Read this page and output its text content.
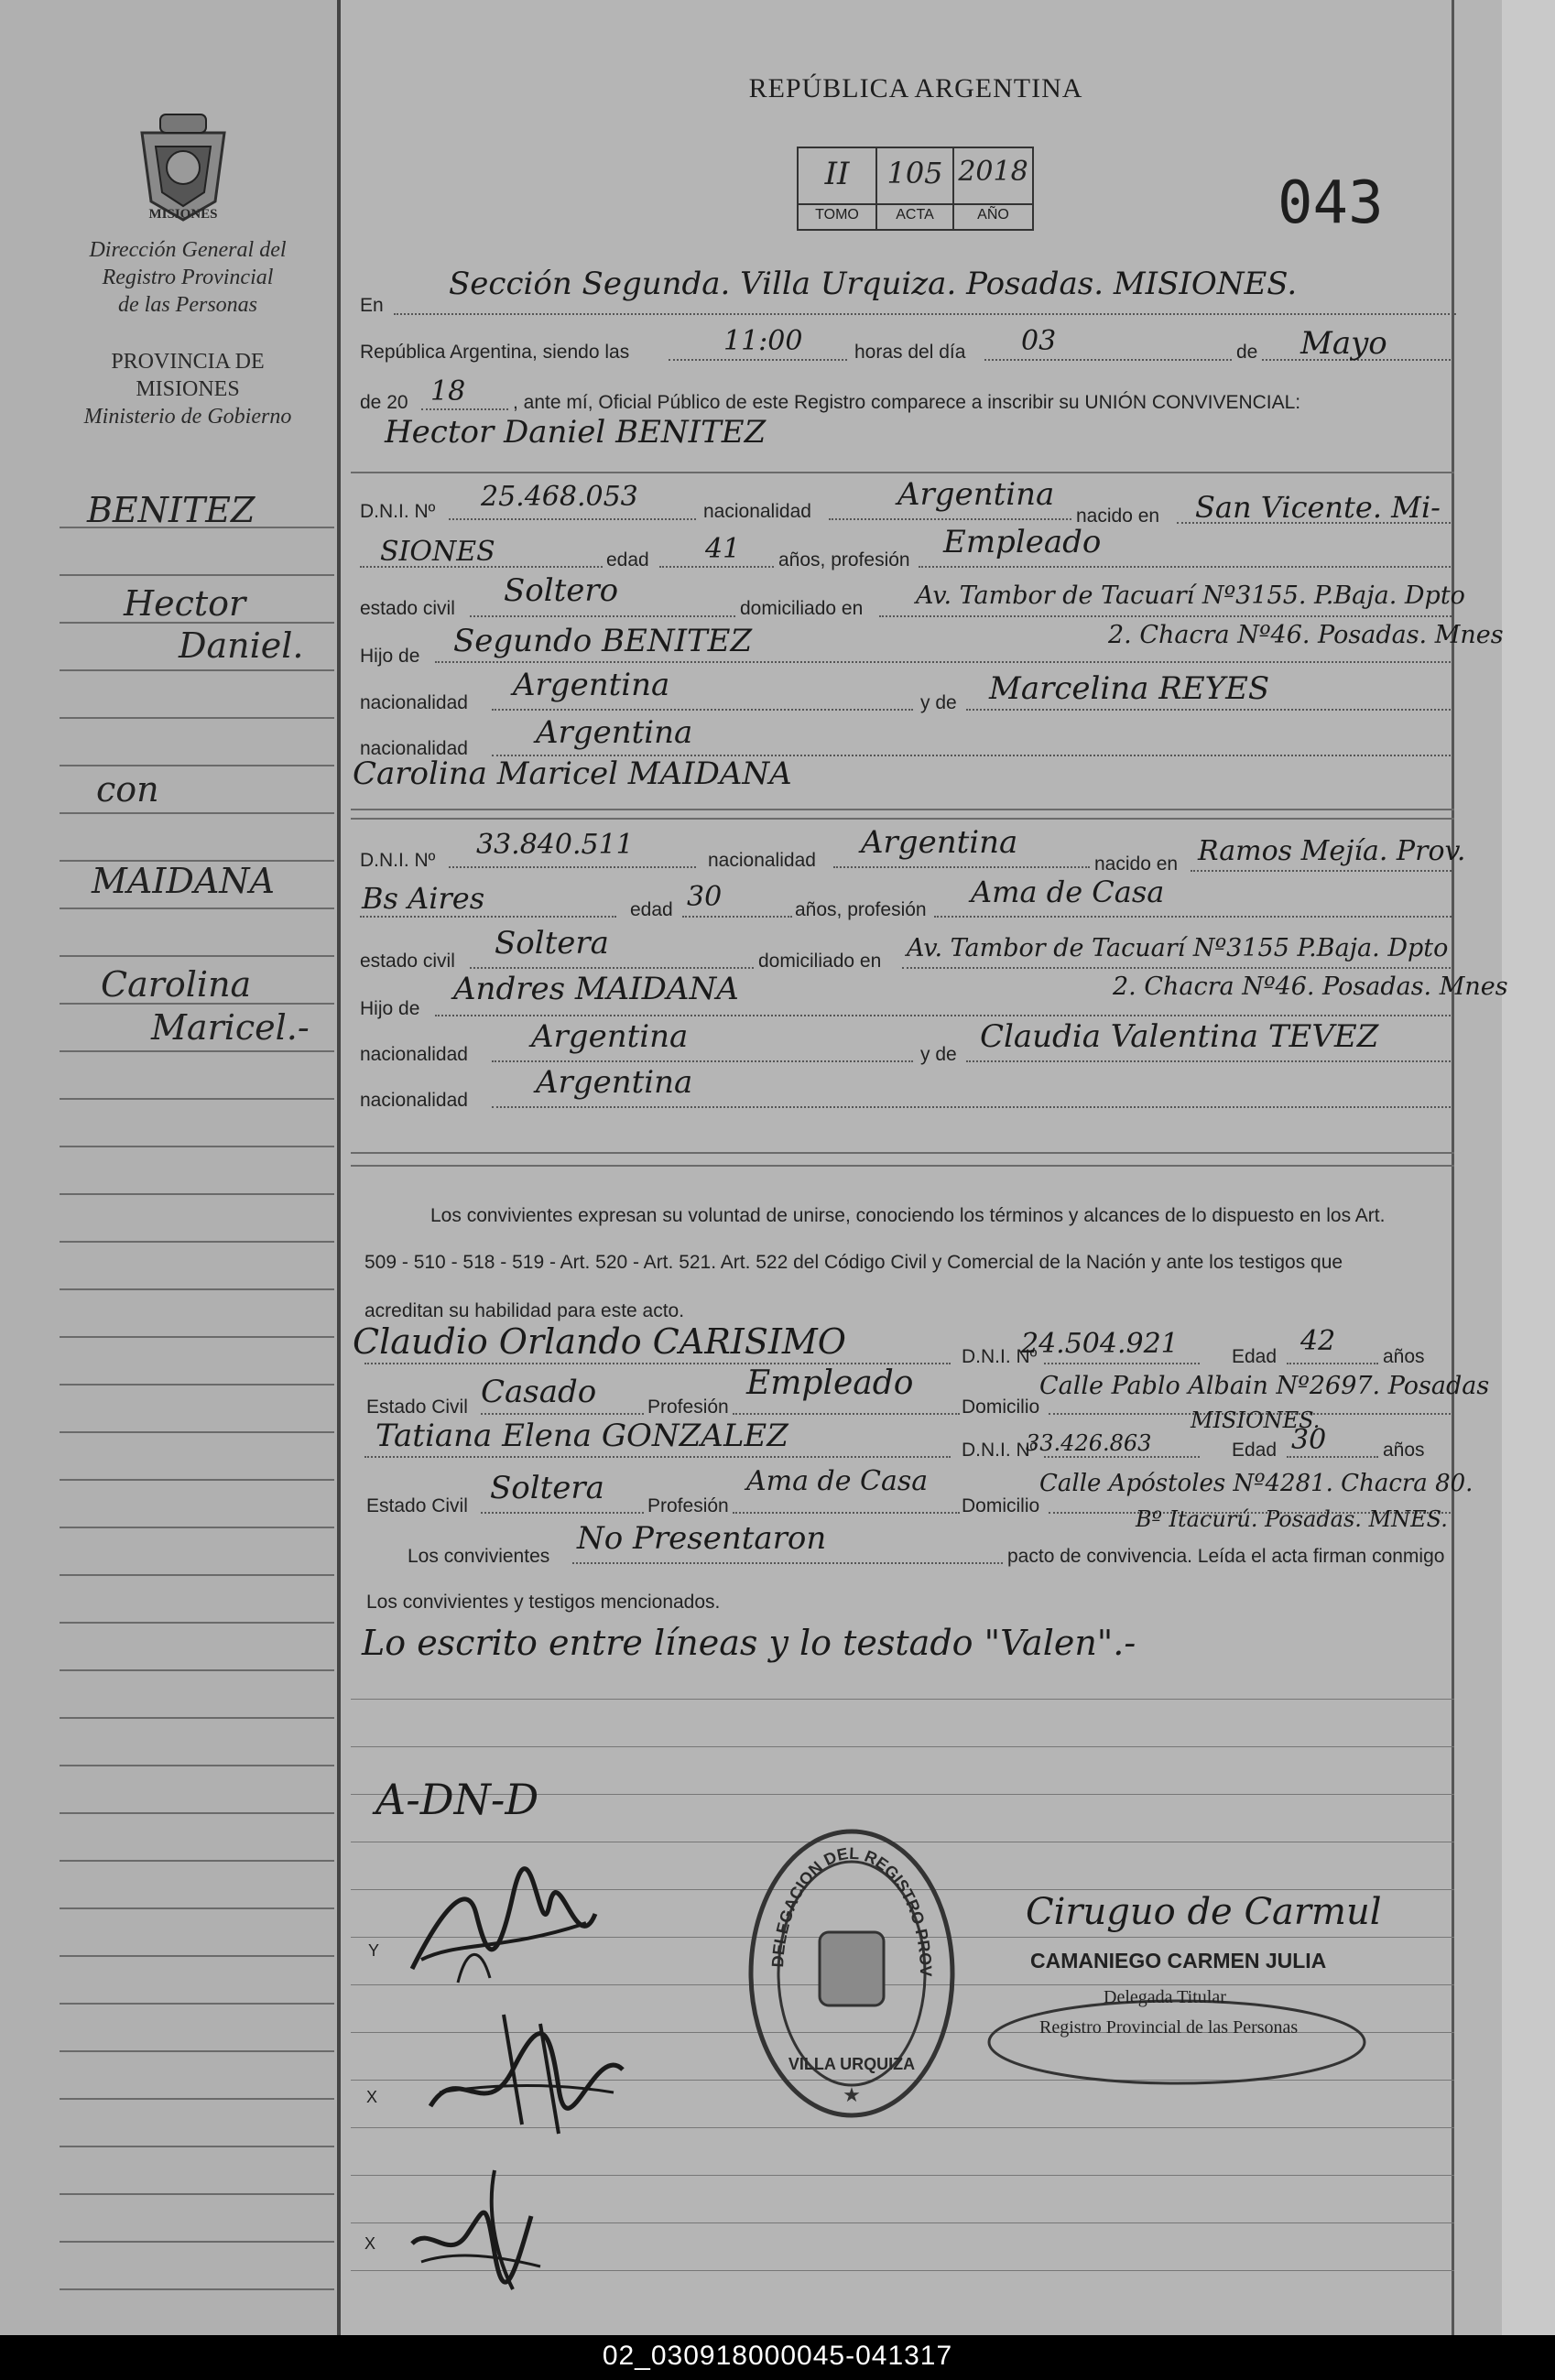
MISIONES
Dirección General del
Registro Provincial
de las Personas
PROVINCIA DE
MISIONES
Ministerio de Gobierno
BENITEZ
Hector
Daniel.
con
MAIDANA
Carolina
Maricel.-
REPÚBLICA ARGENTINA
043
II	105 2018
TOMO	ACTA	AÑO
En
Sección Segunda. Villa Urquiza. Posadas. MISIONES.
República Argentina, siendo las	11:00	horas del día 03	de Mayo
de 20 18 , ante mí, Oficial Público de este Registro comparece a inscribir su UNIÓN CONVIVENCIAL:
Hector Daniel BENITEZ
D.N.I. Nº 25.468.053	nacionalidad	Argentina
nacido en San Vicente. Mi-
SIONES	edad 41 años, profesión Empleado
estado civil Soltero	domiciliado en Av. Tambor de Tacuarí Nº3155. P.Baja. Dpto
Hijo de Segundo BENITEZ	2. Chacra Nº46. Posadas. Mnes
nacionalidad Argentina	y de Marcelina REYES
nacionalidad Argentina
Carolina Maricel MAIDANA
D.N.I. Nº 33.840.511	nacionalidad Argentina
nacido en Ramos Mejía. Prov.
Bs Aires	edad 30	años, profesión
Ama de Casa
estado civil Soltera	domiciliado en Av. Tambor de Tacuarí Nº3155 P.Baja. Dpto
Hijo de
Andres MAIDANA	2. Chacra Nº46. Posadas. Mnes
nacionalidad Argentina	y de Claudia Valentina TEVEZ
nacionalidad Argentina
Los convivientes expresan su voluntad de unirse, conociendo los términos y alcances de lo dispuesto en los Art.
509 - 510 - 518 - 519 - Art. 520 - Art. 521. Art. 522 del Código Civil y Comercial de la Nación y ante los testigos que
acreditan su habilidad para este acto.
Claudio Orlando CARISIMO	D.N.I. Nº
24.504.921	Edad 42 años
Estado Civil Casado	Profesión
Empleado
Domicilio
Calle Pablo Albain Nº2697. Posadas
MISIONES.
Tatiana Elena GONZALEZ	D.N.I. Nº
33.426.863	Edad 30	años
Estado Civil Soltera Profesión
Ama de Casa
Domicilio
Calle Apóstoles Nº4281. Chacra 80.
Bº Itacurú. Posadas. MNES.
Los convivientes No Presentaron	pacto de convivencia. Leída el acta firman conmigo
Los convivientes y testigos mencionados.
Lo escrito entre líneas y lo testado "Valen".-
A-DN-D
Y
X
X
DELEGACION DEL REGISTRO PROV
VILLA URQUIZA
★
Ciruguo de Carmul
CAMANIEGO CARMEN JULIA
Delegada Titular
Registro Provincial de las Personas
02_030918000045-041317
